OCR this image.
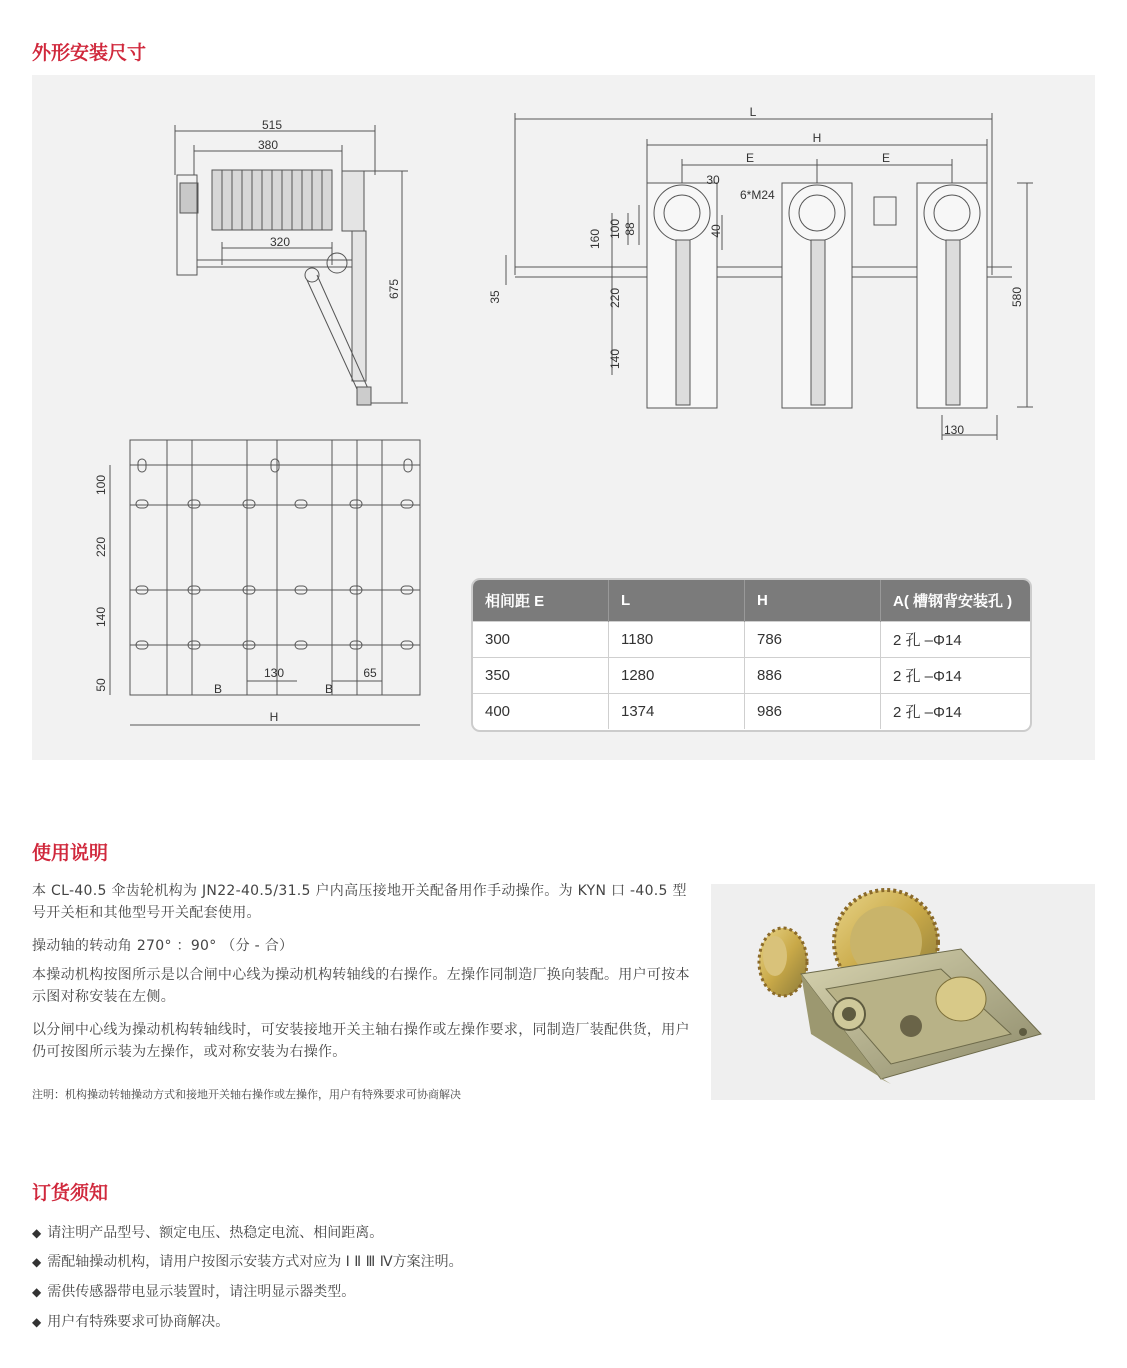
外形安装尺寸
515
380
320
675
L
H
E	E
30
6*M24
160 100 88	40
35	220
140
580
130
100
220
140
50
130	65
B	B
H
相间距 E	L	H	A( 槽钢背安装孔 )
300	1180	786	2 孔 –Φ14
350	1280	886	2 孔 –Φ14
400	1374	986	2 孔 –Φ14
使用说明

本 CL-40.5 伞齿轮机构为 JN22-40.5/31.5 户内高压接地开关配备用作手动操作。为 KYN 口 -40.5 型号开关柜和其他型号开关配套使用。

操动轴的转动角 270° ：90° （分 - 合）

本操动机构按图所示是以合闸中心线为操动机构转轴线的右操作。左操作同制造厂换向装配。用户可按本示图对称安装在左侧。

以分闸中心线为操动机构转轴线时，可安装接地开关主轴右操作或左操作要求，同制造厂装配供货，用户仍可按图所示装为左操作，或对称安装为右操作。

注明：机构操动转轴操动方式和接地开关轴右操作或左操作，用户有特殊要求可协商解决

订货须知

◆ 请注明产品型号、额定电压、热稳定电流、相间距离。

◆ 需配轴操动机构，请用户按图示安装方式对应为 Ⅰ Ⅱ Ⅲ Ⅳ方案注明。

◆ 需供传感器带电显示装置时，请注明显示器类型。

◆ 用户有特殊要求可协商解决。
